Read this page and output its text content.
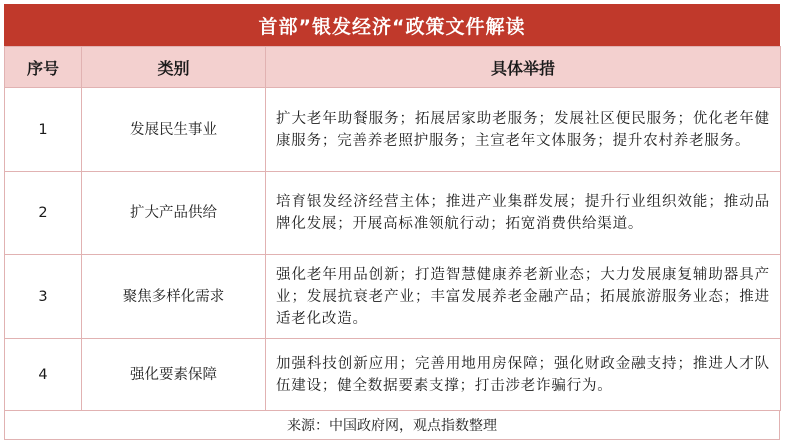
首部”银发经济“政策文件解读
序号	类别	具体举措
1	发展民生事业	扩大老年助餐服务；拓展居家助老服务；发展社区便民服务；优化老年健康服务；完善养老照护服务；主宣老年文体服务；提升农村养老服务。
2	扩大产品供给	培育银发经济经营主体；推进产业集群发展；提升行业组织效能；推动品牌化发展；开展高标准领航行动；拓宽消费供给渠道。
3	聚焦多样化需求	强化老年用品创新；打造智慧健康养老新业态；大力发展康复辅助器具产业；发展抗衰老产业；丰富发展养老金融产品；拓展旅游服务业态；推进适老化改造。
4	强化要素保障	加强科技创新应用；完善用地用房保障；强化财政金融支持；推进人才队伍建设；健全数据要素支撑；打击涉老诈骗行为。
来源：中国政府网，观点指数整理
